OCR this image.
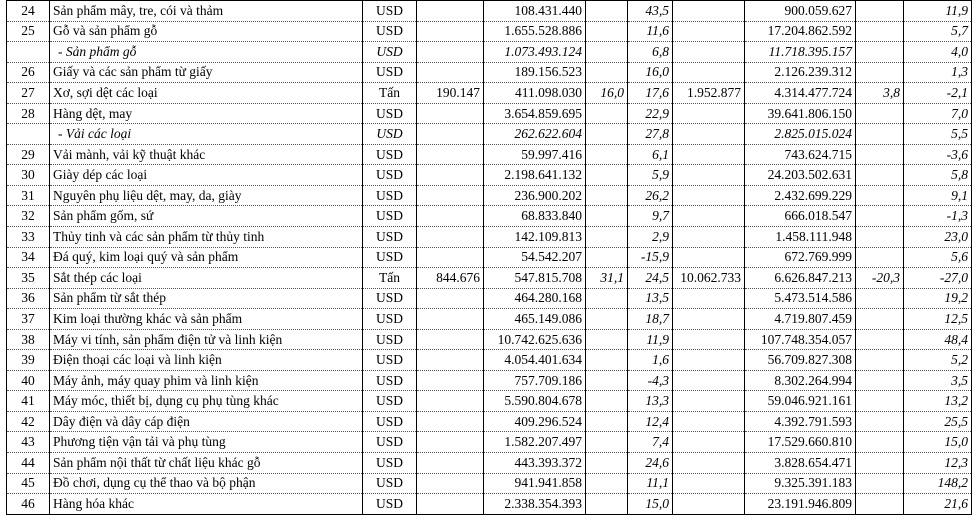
24	Sản phẩm mây, tre, cói và thảm	USD		108.431.440		43,5		900.059.627		11,9
25	Gỗ và sản phẩm gỗ	USD		1.655.528.886		11,6		17.204.862.592		5,7
	- Sản phẩm gỗ	USD		1.073.493.124		6,8		11.718.395.157		4,0
26	Giấy và các sản phẩm từ giấy	USD		189.156.523		16,0		2.126.239.312		1,3
27	Xơ, sợi dệt các loại	Tấn	190.147	411.098.030	16,0	17,6	1.952.877	4.314.477.724	3,8	-2,1
28	Hàng dệt, may	USD		3.654.859.695		22,9		39.641.806.150		7,0
	- Vải các loại	USD		262.622.604		27,8		2.825.015.024		5,5
29	Vải mành, vải kỹ thuật khác	USD		59.997.416		6,1		743.624.715		-3,6
30	Giày dép các loại	USD		2.198.641.132		5,9		24.203.502.631		5,8
31	Nguyên phụ liệu dệt, may, da, giày	USD		236.900.202		26,2		2.432.699.229		9,1
32	Sản phẩm gốm, sứ	USD		68.833.840		9,7		666.018.547		-1,3
33	Thủy tinh và các sản phẩm từ thủy tinh	USD		142.109.813		2,9		1.458.111.948		23,0
34	Đá quý, kim loại quý và sản phẩm	USD		54.542.207		-15,9		672.769.999		5,6
35	Sắt thép các loại	Tấn	844.676	547.815.708	31,1	24,5	10.062.733	6.626.847.213	-20,3	-27,0
36	Sản phẩm từ sắt thép	USD		464.280.168		13,5		5.473.514.586		19,2
37	Kim loại thường khác và sản phẩm	USD		465.149.086		18,7		4.719.807.459		12,5
38	Máy vi tính, sản phẩm điện tử và linh kiện	USD		10.742.625.636		11,9		107.748.354.057		48,4
39	Điện thoại các loại và linh kiện	USD		4.054.401.634		1,6		56.709.827.308		5,2
40	Máy ảnh, máy quay phim và linh kiện	USD		757.709.186		-4,3		8.302.264.994		3,5
41	Máy móc, thiết bị, dụng cụ phụ tùng khác	USD		5.590.804.678		13,3		59.046.921.161		13,2
42	Dây điện và dây cáp điện	USD		409.296.524		12,4		4.392.791.593		25,5
43	Phương tiện vận tải và phụ tùng	USD		1.582.207.497		7,4		17.529.660.810		15,0
44	Sản phẩm nội thất từ chất liệu khác gỗ	USD		443.393.372		24,6		3.828.654.471		12,3
45	Đồ chơi, dụng cụ thể thao và bộ phận	USD		941.941.858		11,1		9.325.391.183		148,2
46	Hàng hóa khác	USD		2.338.354.393		15,0		23.191.946.809		21,6
